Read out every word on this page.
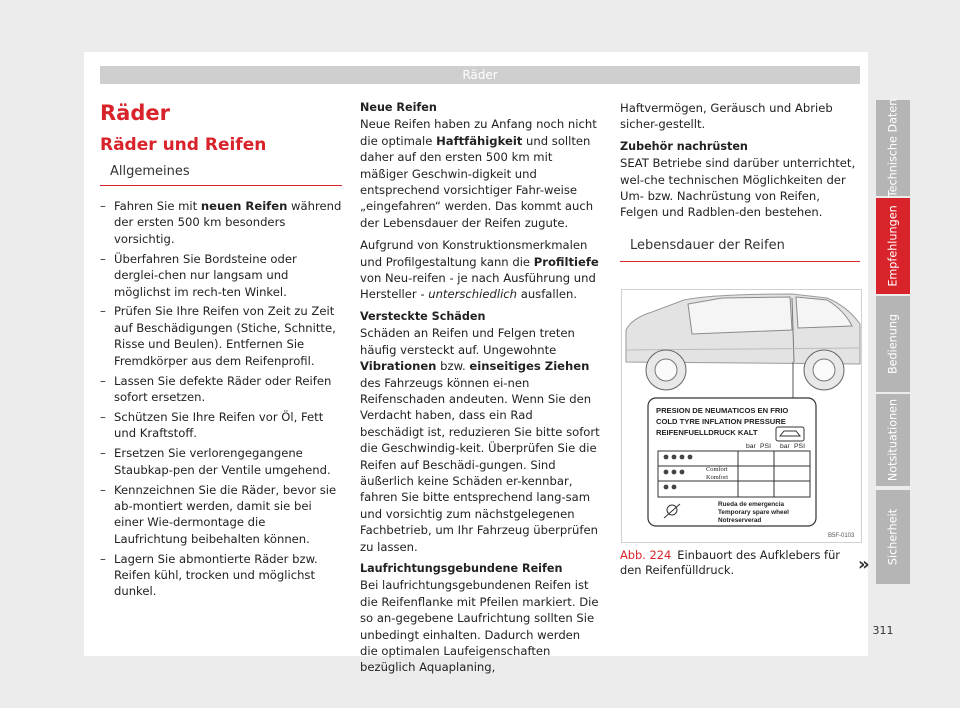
Räder
Räder
Räder und Reifen
Allgemeines
– Fahren Sie mit neuen Reifen während der ersten 500 km besonders vorsichtig.
– Überfahren Sie Bordsteine oder derglei-chen nur langsam und möglichst im rech-ten Winkel.
– Prüfen Sie Ihre Reifen von Zeit zu Zeit auf Beschädigungen (Stiche, Schnitte, Risse und Beulen). Entfernen Sie Fremdkörper aus dem Reifenprofil.
– Lassen Sie defekte Räder oder Reifen sofort ersetzen.
– Schützen Sie Ihre Reifen vor Öl, Fett und Kraftstoff.
– Ersetzen Sie verlorengegangene Staubkap-pen der Ventile umgehend.
– Kennzeichnen Sie die Räder, bevor sie ab-montiert werden, damit sie bei einer Wie-dermontage die Laufrichtung beibehalten können.
– Lagern Sie abmontierte Räder bzw. Reifen kühl, trocken und möglichst dunkel.

Neue Reifen

Neue Reifen haben zu Anfang noch nicht die optimale Haftfähigkeit und sollten daher auf den ersten 500 km mit mäßiger Geschwin-digkeit und entsprechend vorsichtiger Fahr-weise „eingefahren“ werden. Das kommt auch der Lebensdauer der Reifen zugute.

Aufgrund von Konstruktionsmerkmalen und Profilgestaltung kann die Profiltiefe von Neu-reifen - je nach Ausführung und Hersteller - unterschiedlich ausfallen.

Versteckte Schäden

Schäden an Reifen und Felgen treten häufig versteckt auf. Ungewohnte Vibrationen bzw. einseitiges Ziehen des Fahrzeugs können ei-nen Reifenschaden andeuten. Wenn Sie den Verdacht haben, dass ein Rad beschädigt ist, reduzieren Sie bitte sofort die Geschwindig-keit. Überprüfen Sie die Reifen auf Beschädi-gungen. Sind äußerlich keine Schäden er-kennbar, fahren Sie bitte entsprechend lang-sam und vorsichtig zum nächstgelegenen Fachbetrieb, um Ihr Fahrzeug überprüfen zu lassen.

Laufrichtungsgebundene Reifen

Bei laufrichtungsgebundenen Reifen ist die Reifenflanke mit Pfeilen markiert. Die so an-gegebene Laufrichtung sollten Sie unbedingt einhalten. Dadurch werden die optimalen Laufeigenschaften bezüglich Aquaplaning,

Haftvermögen, Geräusch und Abrieb sicher-gestellt.

Zubehör nachrüsten

SEAT Betriebe sind darüber unterrichtet, wel-che technischen Möglichkeiten der Um- bzw. Nachrüstung von Reifen, Felgen und Radblen-den bestehen.

Lebensdauer der Reifen
PRESION DE NEUMATICOS EN FRIO
COLD TYRE INFLATION PRESSURE
REIFENFUELLDRUCK KALT
bar PSI bar PSI
Comfort
Komfort
Rueda de emergencia
Temporary spare wheel
Notreserverad
B5F-0103
Abb. 224 Einbauort des Aufklebers für den Reifenfülldruck.	»
Technische Daten
Empfehlungen
Bedienung
Notsituationen
Sicherheit
311
